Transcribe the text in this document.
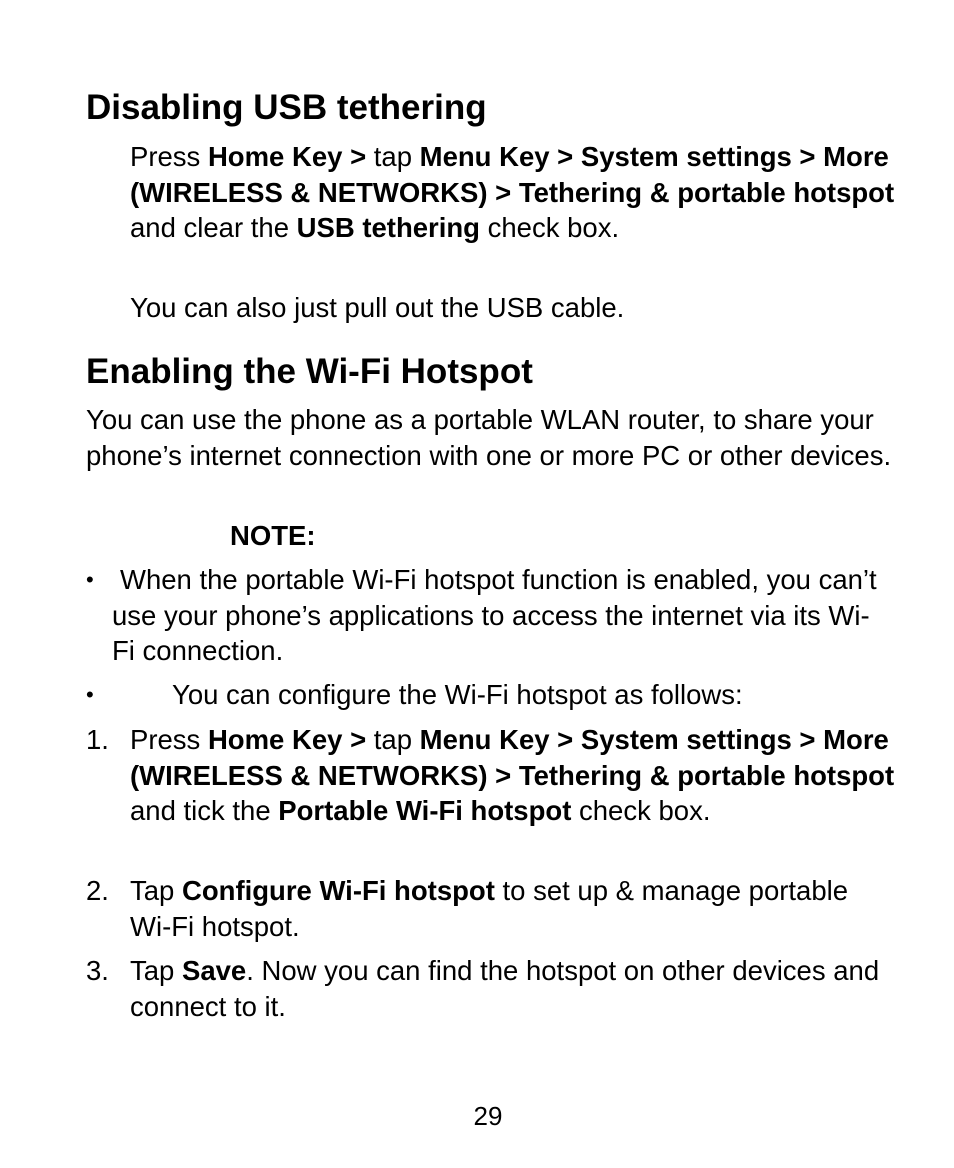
Disabling USB tethering

Press Home Key > tap Menu Key > System settings > More (WIRELESS & NETWORKS) > Tethering & portable hotspot and clear the USB tethering check box.

You can also just pull out the USB cable.

Enabling the Wi-Fi Hotspot

You can use the phone as a portable WLAN router, to share your phone’s internet connection with one or more PC or other devices.

NOTE:

• When the portable Wi-Fi hotspot function is enabled, you can’t use your phone’s applications to access the internet via its Wi-Fi connection.
•	You can configure the Wi-Fi hotspot as follows:
1. Press Home Key > tap Menu Key > System settings > More (WIRELESS & NETWORKS) > Tethering & portable hotspot and tick the Portable Wi-Fi hotspot check box.
2. Tap Configure Wi-Fi hotspot to set up & manage portable Wi-Fi hotspot.
3. Tap Save. Now you can find the hotspot on other devices and connect to it.
29
